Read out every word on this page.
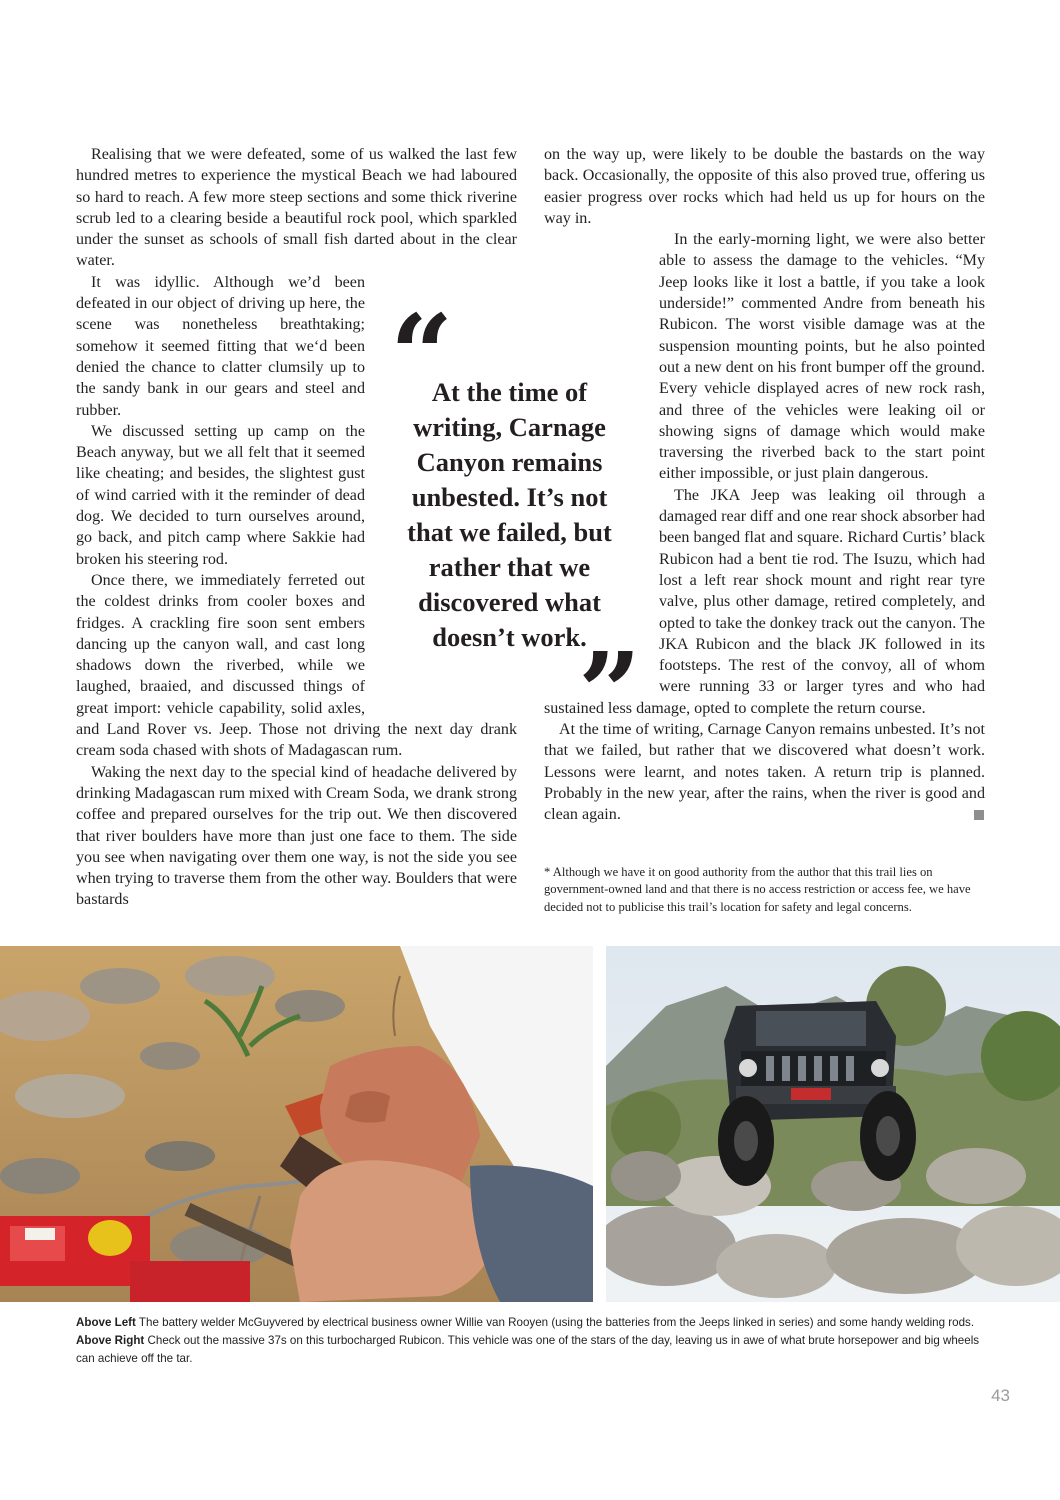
Realising that we were defeated, some of us walked the last few hundred metres to experience the mystical Beach we had laboured so hard to reach. A few more steep sections and some thick riverine scrub led to a clearing beside a beautiful rock pool, which sparkled under the sunset as schools of small fish darted about in the clear water.

It was idyllic. Although we’d been defeated in our object of driving up here, the scene was nonetheless breathtaking; somehow it seemed fitting that we‘d been denied the chance to clatter clumsily up to the sandy bank in our gears and steel and rubber.

We discussed setting up camp on the Beach anyway, but we all felt that it seemed like cheating; and besides, the slightest gust of wind carried with it the reminder of dead dog. We decided to turn ourselves around, go back, and pitch camp where Sakkie had broken his steering rod.

Once there, we immediately ferreted out the coldest drinks from cooler boxes and fridges. A crackling fire soon sent embers dancing up the canyon wall, and cast long shadows down the riverbed, while we laughed, braaied, and discussed things of great import: vehicle capability, solid axles, and Land Rover vs. Jeep. Those not driving the next day drank cream soda chased with shots of Madagascan rum.

Waking the next day to the special kind of headache delivered by drinking Madagascan rum mixed with Cream Soda, we drank strong coffee and prepared ourselves for the trip out. We then discovered that river boulders have more than just one face to them. The side you see when navigating over them one way, is not the side you see when trying to traverse them from the other way. Boulders that were bastards

on the way up, were likely to be double the bastards on the way back. Occasionally, the opposite of this also proved true, offering us easier progress over rocks which had held us up for hours on the way in.

In the early-morning light, we were also better able to assess the damage to the vehicles. “My Jeep looks like it lost a battle, if you take a look underside!” commented Andre from beneath his Rubicon. The worst visible damage was at the suspension mounting points, but he also pointed out a new dent on his front bumper off the ground. Every vehicle displayed acres of new rock rash, and three of the vehicles were leaking oil or showing signs of damage which would make traversing the riverbed back to the start point either impossible, or just plain dangerous.

The JKA Jeep was leaking oil through a damaged rear diff and one rear shock absorber had been banged flat and square. Richard Curtis’ black Rubicon had a bent tie rod. The Isuzu, which had lost a left rear shock mount and right rear tyre valve, plus other damage, retired completely, and opted to take the donkey track out the canyon. The JKA Rubicon and the black JK followed in its footsteps. The rest of the convoy, all of whom were running 33 or larger tyres and who had sustained less damage, opted to complete the return course.

At the time of writing, Carnage Canyon remains unbested. It’s not that we failed, but rather that we discovered what doesn’t work. Lessons were learnt, and notes taken. A return trip is planned. Probably in the new year, after the rains, when the river is good and clean again.

“
At the time of writing, Carnage Canyon remains unbested. It’s not that we failed, but rather that we discovered what doesn’t work.
”
* Although we have it on good authority from the author that this trail lies on government-owned land and that there is no access restriction or access fee, we have decided not to publicise this trail’s location for safety and legal concerns.
Above Left The battery welder McGuyvered by electrical business owner Willie van Rooyen (using the batteries from the Jeeps linked in series) and some handy welding rods. Above Right Check out the massive 37s on this turbocharged Rubicon. This vehicle was one of the stars of the day, leaving us in awe of what brute horsepower and big wheels can achieve off the tar.
43
